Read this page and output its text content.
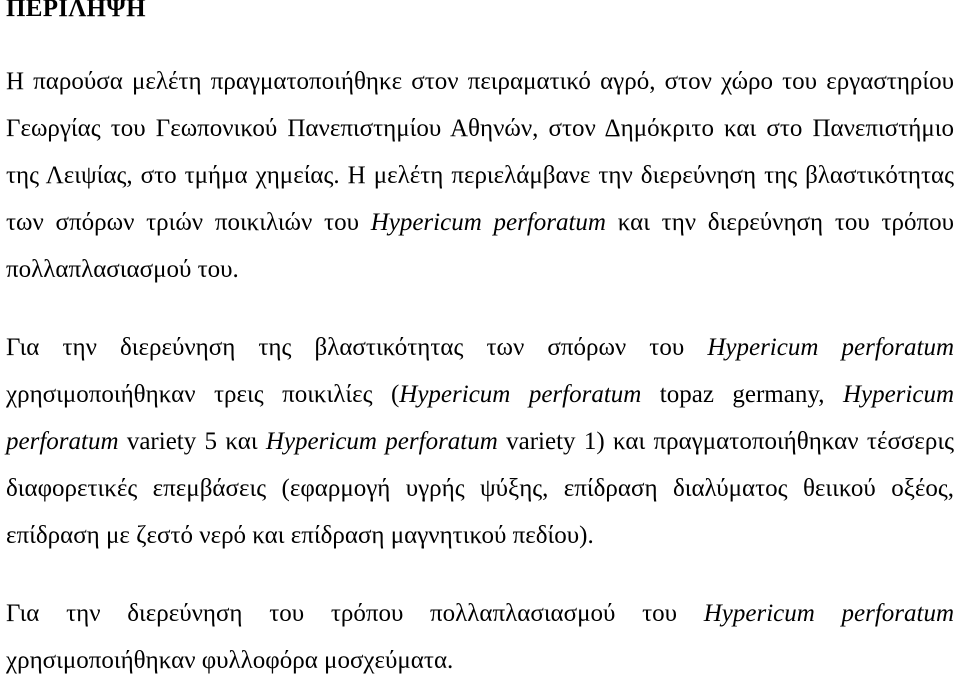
ΠΕΡΙΛΗΨΗ

Η παρούσα μελέτη πραγματοποιήθηκε στον πειραματικό αγρό, στον χώρο του εργαστηρίου Γεωργίας του Γεωπονικού Πανεπιστημίου Αθηνών, στον Δημόκριτο και στο Πανεπιστήμιο της Λειψίας, στο τμήμα χημείας. Η μελέτη περιελάμβανε την διερεύνηση της βλαστικότητας των σπόρων τριών ποικιλιών του Hypericum perforatum και την διερεύνηση του τρόπου πολλαπλασιασμού του.

Για την διερεύνηση της βλαστικότητας των σπόρων του Hypericum perforatum χρησιμοποιήθηκαν τρεις ποικιλίες (Hypericum perforatum topaz germany, Hypericum perforatum variety 5 και Hypericum perforatum variety 1) και πραγματοποιήθηκαν τέσσερις διαφορετικές επεμβάσεις (εφαρμογή υγρής ψύξης, επίδραση διαλύματος θειικού οξέος, επίδραση με ζεστό νερό και επίδραση μαγνητικού πεδίου).

Για την διερεύνηση του τρόπου πολλαπλασιασμού του Hypericum perforatum χρησιμοποιήθηκαν φυλλοφόρα μοσχεύματα.
